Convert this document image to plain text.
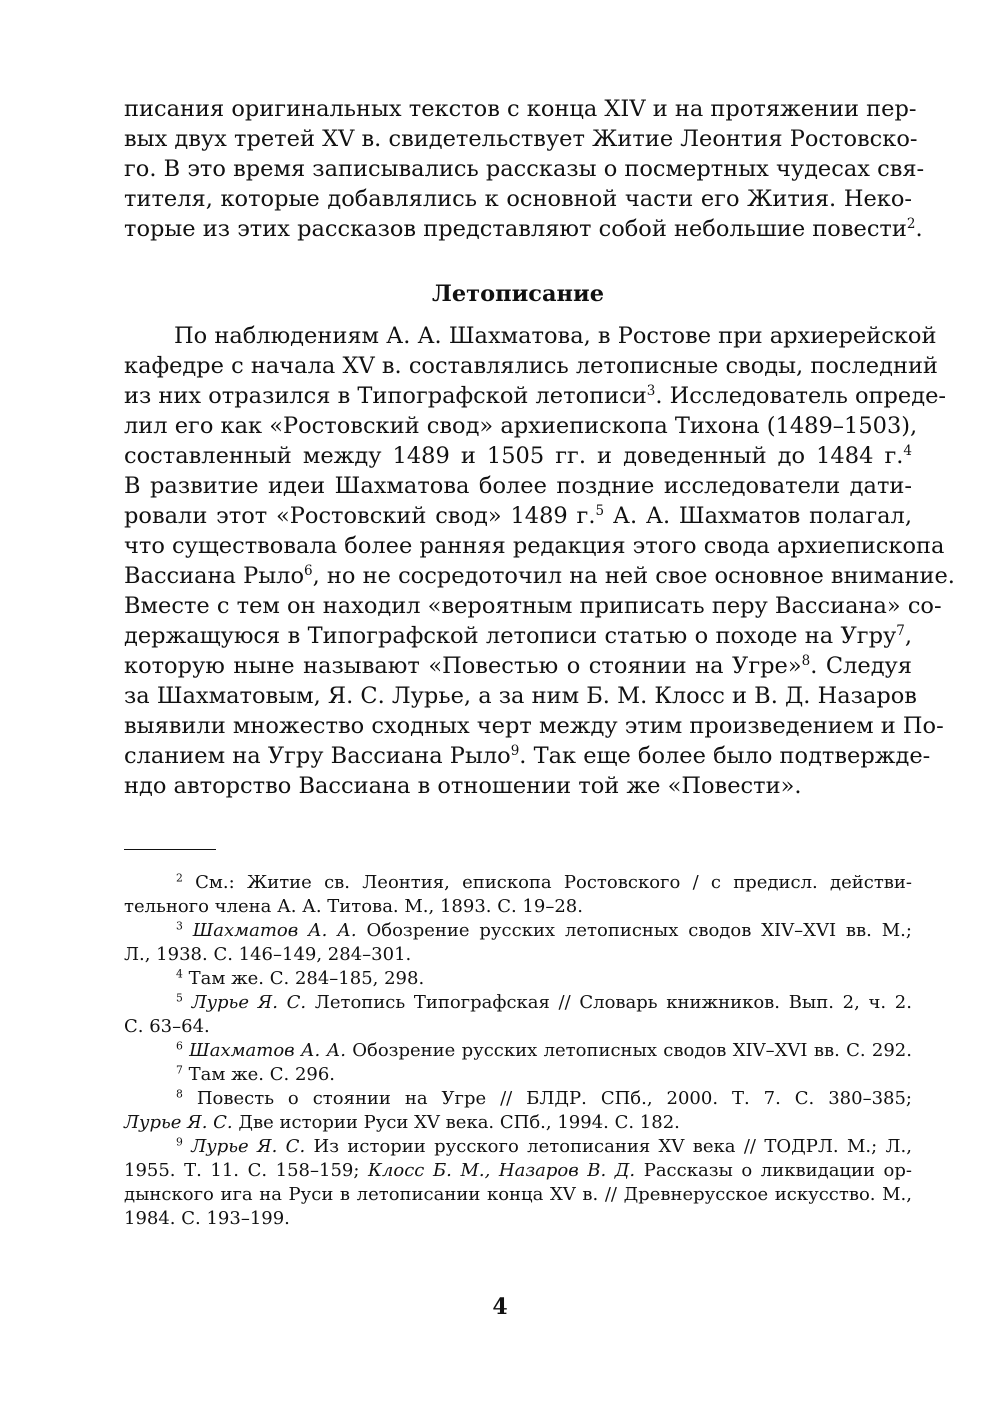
писания оригинальных текстов с конца XIV и на протяжении пер-
вых двух третей XV в. свидетельствует Житие Леонтия Ростовско-
го. В это время записывались рассказы о посмертных чудесах свя-
тителя, которые добавлялись к основной части его Жития. Неко-
торые из этих рассказов представляют собой небольшие повести$^2$.
Летописание
По наблюдениям А. А. Шахматова, в Ростове при архиерейской
кафедре с начала XV в. составлялись летописные своды, последний
из них отразился в Типографской летописи$^3$. Исследователь опреде-
лил его как «Ростовский свод» архиепископа Тихона (1489–1503),
составленный между 1489 и 1505 гг. и доведенный до 1484 г.$^4$
В развитие идеи Шахматова более поздние исследователи дати-
ровали этот «Ростовский свод» 1489 г.$^5$ А. А. Шахматов полагал,
что существовала более ранняя редакция этого свода архиепископа
Вассиана Рыло$^6$, но не сосредоточил на ней свое основное внимание.
Вместе с тем он находил «вероятным приписать перу Вассиана» со-
держащуюся в Типографской летописи статью о походе на Угру$^7$,
которую ныне называют «Повестью о стоянии на Угре»$^8$. Следуя
за Шахматовым, Я. С. Лурье, а за ним Б. М. Клосс и В. Д. Назаров
выявили множество сходных черт между этим произведением и По-
сланием на Угру Вассиана Рыло$^9$. Так еще более было подтвержде-
ндо авторство Вассиана в отношении той же «Повести».
$^2$ См.: Житие св. Леонтия, епископа Ростовского / с предисл. действи-
тельного члена А. А. Титова. М., 1893. С. 19–28.
$^3$ Шахматов А. А. Обозрение русских летописных сводов XIV–XVI вв. М.;
Л., 1938. С. 146–149, 284–301.
$^4$ Там же. С. 284–185, 298.
$^5$ Лурье Я. С. Летопись Типографская // Словарь книжников. Вып. 2, ч. 2.
С. 63–64.
$^6$ Шахматов А. А. Обозрение русских летописных сводов XIV–XVI вв. С. 292.
$^7$ Там же. С. 296.
$^8$ Повесть о стоянии на Угре // БЛДР. СПб., 2000. Т. 7. С. 380–385;
Лурье Я. С. Две истории Руси XV века. СПб., 1994. С. 182.
$^9$ Лурье Я. С. Из истории русского летописания XV века // ТОДРЛ. М.; Л.,
1955. Т. 11. С. 158–159; Клосс Б. М., Назаров В. Д. Рассказы о ликвидации ор-
дынского ига на Руси в летописании конца XV в. // Древнерусское искусство. М.,
1984. С. 193–199.
4
